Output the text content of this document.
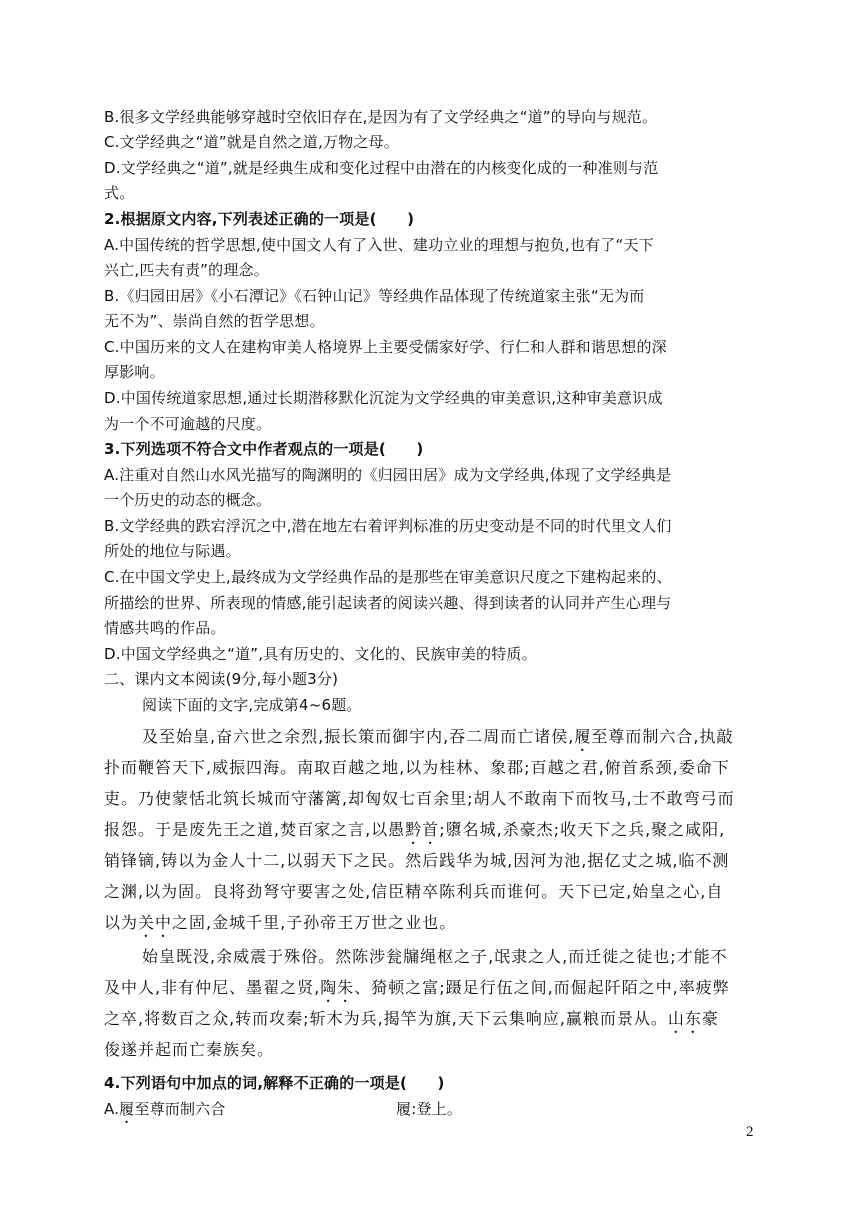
B.很多文学经典能够穿越时空依旧存在,是因为有了文学经典之“道”的导向与规范。
C.文学经典之“道”就是自然之道,万物之母。
D.文学经典之“道”,就是经典生成和变化过程中由潜在的内核变化成的一种准则与范
式。
2.根据原文内容,下列表述正确的一项是(　　)
A.中国传统的哲学思想,使中国文人有了入世、建功立业的理想与抱负,也有了“天下
兴亡,匹夫有责”的理念。
B.《归园田居》《小石潭记》《石钟山记》等经典作品体现了传统道家主张“无为而
无不为”、崇尚自然的哲学思想。
C.中国历来的文人在建构审美人格境界上主要受儒家好学、行仁和人群和谐思想的深
厚影响。
D.中国传统道家思想,通过长期潜移默化沉淀为文学经典的审美意识,这种审美意识成
为一个不可逾越的尺度。
3.下列选项不符合文中作者观点的一项是(　　)
A.注重对自然山水风光描写的陶渊明的《归园田居》成为文学经典,体现了文学经典是
一个历史的动态的概念。
B.文学经典的跌宕浮沉之中,潜在地左右着评判标准的历史变动是不同的时代里文人们
所处的地位与际遇。
C.在中国文学史上,最终成为文学经典作品的是那些在审美意识尺度之下建构起来的、
所描绘的世界、所表现的情感,能引起读者的阅读兴趣、得到读者的认同并产生心理与
情感共鸣的作品。
D.中国文学经典之“道”,具有历史的、文化的、民族审美的特质。
二、课内文本阅读(9分,每小题3分)
阅读下面的文字,完成第4~6题。
及至始皇,奋六世之余烈,振长策而御宇内,吞二周而亡诸侯,履至尊而制六合,执敲
扑而鞭笞天下,威振四海。南取百越之地,以为桂林、象郡;百越之君,俯首系颈,委命下
吏。乃使蒙恬北筑长城而守藩篱,却匈奴七百余里;胡人不敢南下而牧马,士不敢弯弓而
报怨。于是废先王之道,焚百家之言,以愚黔首;隳名城,杀豪杰;收天下之兵,聚之咸阳,
销锋镝,铸以为金人十二,以弱天下之民。然后践华为城,因河为池,据亿丈之城,临不测
之渊,以为固。良将劲弩守要害之处,信臣精卒陈利兵而谁何。天下已定,始皇之心,自
以为关中之固,金城千里,子孙帝王万世之业也。
始皇既没,余威震于殊俗。然陈涉瓮牖绳枢之子,氓隶之人,而迁徙之徒也;才能不
及中人,非有仲尼、墨翟之贤,陶朱、猗顿之富;蹑足行伍之间,而倔起阡陌之中,率疲弊
之卒,将数百之众,转而攻秦;斩木为兵,揭竿为旗,天下云集响应,赢粮而景从。山东豪
俊遂并起而亡秦族矣。
4.下列语句中加点的词,解释不正确的一项是(　　)
A.履至尊而制六合	履:登上。
2
